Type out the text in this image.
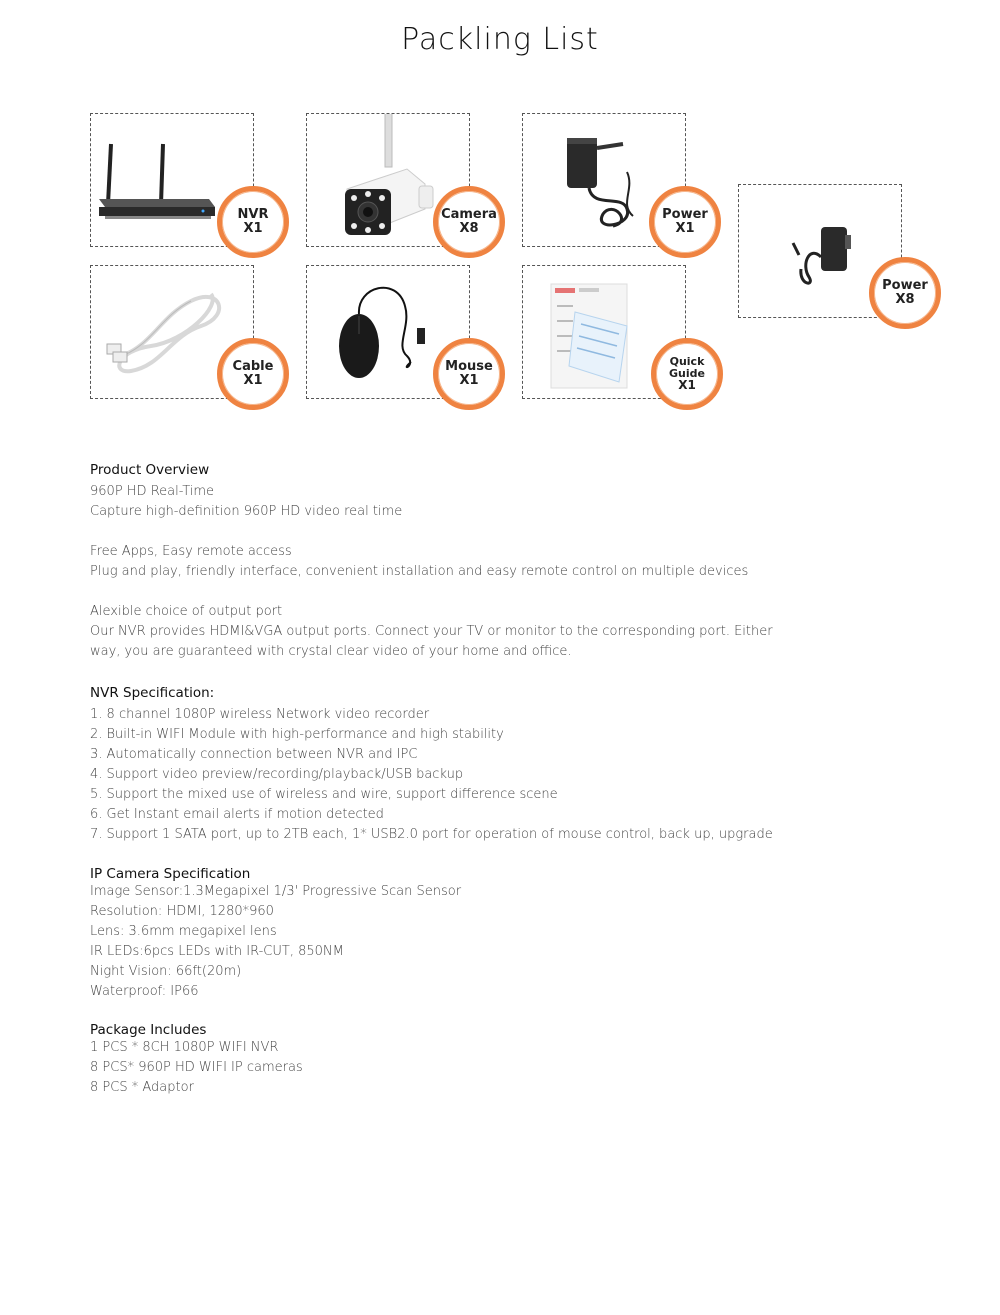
Packling List
NVR
X1
Camera
X8
Power
X1
Power
X8
Cable
X1
Mouse
X1
Quick
Guide
X1

Product Overview

960P HD Real-Time

Capture high-definition 960P HD video real time

Free Apps, Easy remote access

Plug and play, friendly interface, convenient installation and easy remote control on multiple devices

Alexible choice of output port

Our NVR provides HDMI&VGA output ports. Connect your TV or monitor to the corresponding port. Either

way, you are guaranteed with crystal clear video of your home and office.

NVR Specification:

1. 8 channel 1080P wireless Network video recorder

2. Built-in WIFI Module with high-performance and high stability

3. Automatically connection between NVR and IPC

4. Support video preview/recording/playback/USB backup

5. Support the mixed use of wireless and wire, support difference scene

6. Get Instant email alerts if motion detected

7. Support 1 SATA port, up to 2TB each, 1* USB2.0 port for operation of mouse control, back up, upgrade

IP Camera Specification

Image Sensor:1.3Megapixel 1/3' Progressive Scan Sensor

Resolution: HDMI, 1280*960

Lens: 3.6mm megapixel lens

IR LEDs:6pcs LEDs with IR-CUT, 850NM

Night Vision: 66ft(20m)

Waterproof: IP66

Package Includes

1 PCS * 8CH 1080P WIFI NVR

8 PCS* 960P HD WIFI IP cameras

8 PCS * Adaptor
